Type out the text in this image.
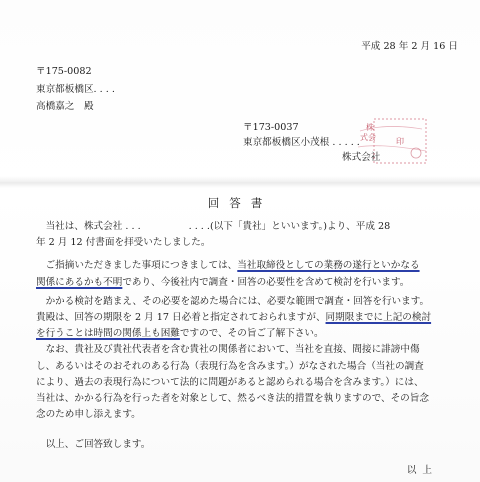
平成 28 年 2 月 16 日
〒175-0082
東京都板橋区. . . .
高橋嘉之　殿
〒173-0037
東京都板橋区小茂根 . . . . .
株式会社
株
式会	印
回答書
　当社は、株式会社 . . .　　　　　. . . .(以下「貴社」といいます。)より、平成 28
年 2 月 12 付書面を拝受いたしました。
　ご指摘いただきました事項につきましては、当社取締役としての業務の遂行といかなる
関係にあるかも不明であり、今後社内で調査・回答の必要性を含めて検討を行います。
　かかる検討を踏まえ、その必要を認めた場合には、必要な範囲で調査・回答を行います。
貴殿は、回答の期限を 2 月 17 日必着と指定されておられますが、同期限までに上記の検討
を行うことは時間の関係上も困難ですので、その旨ご了解下さい。
　なお、貴社及び貴社代表者を含む貴社の関係者において、当社を直接、間接に誹謗中傷
し、あるいはそのおそれのある行為（表現行為を含みます。）がなされた場合（当社の調査
により、過去の表現行為について法的に問題があると認められる場合を含みます。）には、
当社は、かかる行為を行った者を対象として、然るべき法的措置を執りますので、その旨念
念のため申し添えます。
　以上、ご回答致します。
以上
